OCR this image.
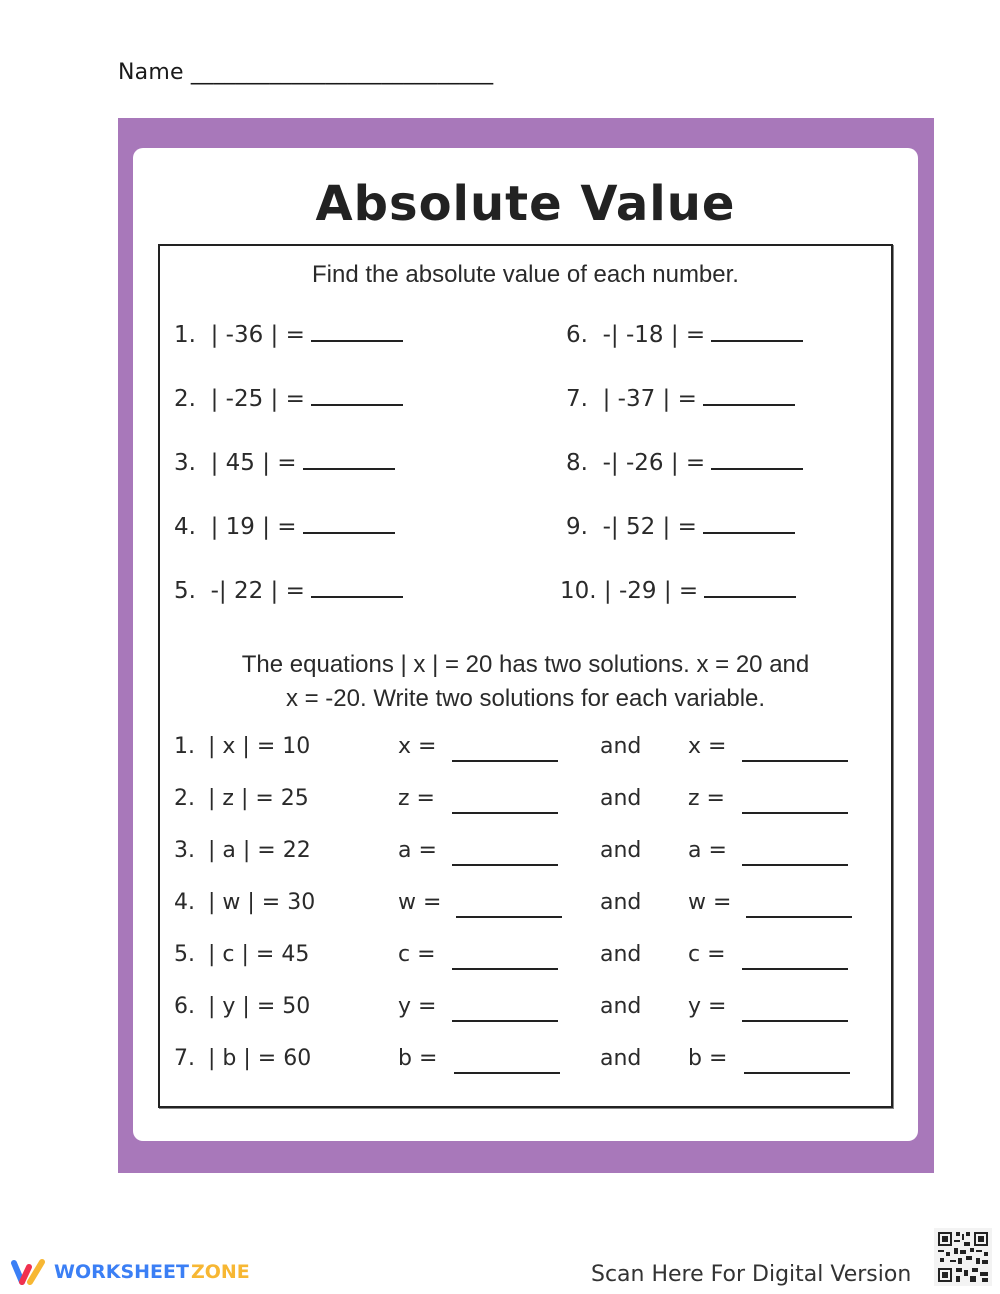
Name ___________________________
Absolute Value
Find the absolute value of each number.
1. | -36 | =
2. | -25 | =
3. | 45 | =
4. | 19 | =
5. -| 22 | =
6. -| -18 | =
7. | -37 | =
8. -| -26 | =
9. -| 52 | =
10. | -29 | =
The equations | x | = 20 has two solutions. x = 20 and
x = -20. Write two solutions for each variable.
1. | x | = 10	x =	and x =
2. | z | = 25	z =	and z =
3. | a | = 22	a =	and a =
4. | w | = 30	w =	and w =
5. | c | = 45	c =	and c =
6. | y | = 50	y =	and y =
7. | b | = 60	b =	and b =
WORKSHEET ZONE	Scan Here For Digital Version
